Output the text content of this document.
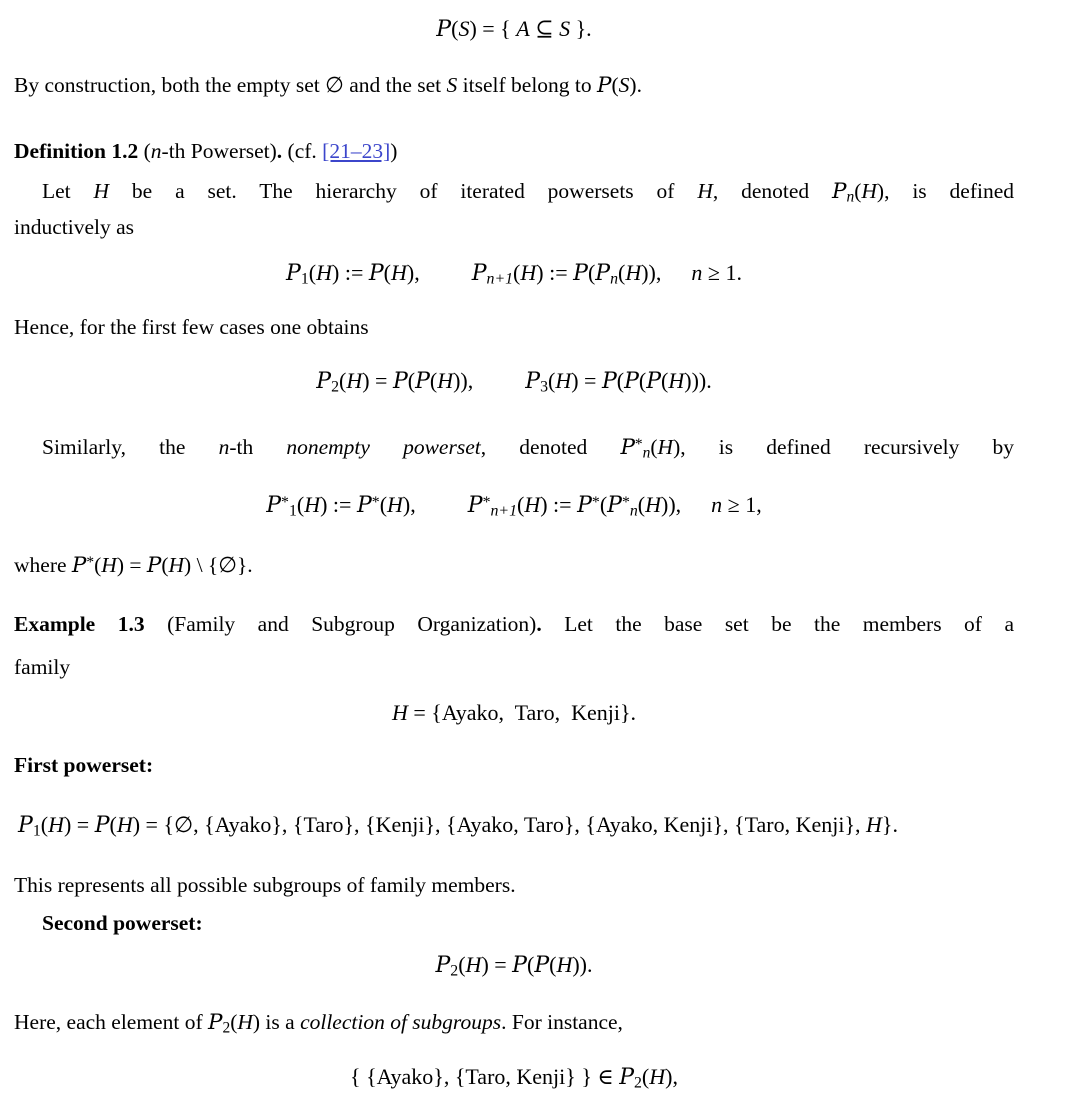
P(S) = { A ⊆ S }.
By construction, both the empty set ∅ and the set S itself belong to P(S).
Definition 1.2 (n-th Powerset). (cf. [21–23])
Let H be a set. The hierarchy of iterated powersets of H, denoted $P_n(H)$, is defined
inductively as
$P_1(H)$ := P(H), $P_{n+1}(H)$ := $P(P_n(H))$, n ≥ 1.
Hence, for the first few cases one obtains
$P_2(H) = P(P(H))$, $P_3(H) = P(P(P(H)))$.
Similarly, the n-th nonempty powerset, denoted $P^*_n(H)$, is defined recursively by
$P^*_1(H)$ := P*(H), $P^*_{n+1}(H)$ := $P^*(P^*_n(H))$, n ≥ 1,
where P*(H) = P(H) \ {∅}.
Example 1.3 (Family and Subgroup Organization). Let the base set be the members of a
family
H = {Ayako,  Taro,  Kenji}.
First powerset:
$P_1(H) = P(H)$ = {∅, {Ayako}, {Taro}, {Kenji}, {Ayako, Taro}, {Ayako, Kenji}, {Taro, Kenji}, H}.
This represents all possible subgroups of family members.
Second powerset:
$P_2(H) = P(P(H))$.
Here, each element of $P_2(H)$ is a collection of subgroups. For instance,
{ {Ayako}, {Taro, Kenji} } ∈ $P_2(H)$,
